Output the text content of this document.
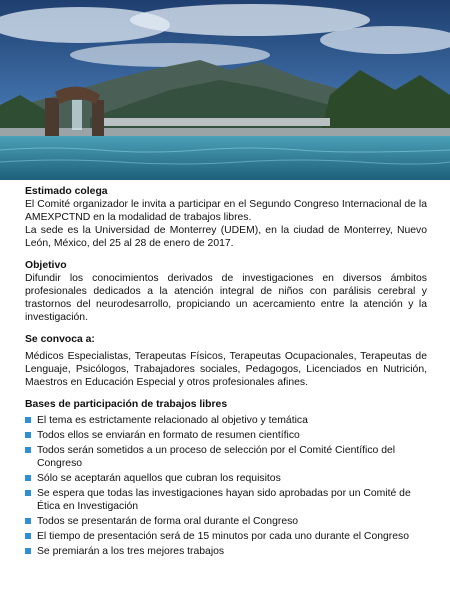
Estimado colega

El Comité organizador le invita a participar en el Segundo Congreso Internacional de la AMEXPCTND en la modalidad de trabajos libres.

La sede es la Universidad de Monterrey (UDEM), en la ciudad de Monterrey, Nuevo León, México, del 25 al 28 de enero de 2017.

Objetivo

Difundir los conocimientos derivados de investigaciones en diversos ámbitos profesionales dedicados a la atención integral de niños con parálisis cerebral y trastornos del neurodesarrollo, propiciando un acercamiento entre la atención y la investigación.

Se convoca a:

Médicos Especialistas, Terapeutas Físicos, Terapeutas Ocupacionales, Terapeutas de Lenguaje, Psicólogos, Trabajadores sociales, Pedagogos, Licenciados en Nutrición, Maestros en Educación Especial y otros profesionales afines.

Bases de participación de trabajos libres

El tema es estrictamente relacionado al objetivo y temática
Todos ellos se enviarán en formato de resumen científico
Todos serán sometidos a un proceso de selección por el Comité Científico del Congreso
Sólo se aceptarán aquellos que cubran los requisitos
Se espera que todas las investigaciones hayan sido aprobadas por un Comité de Ética en Investigación
Todos se presentarán de forma oral durante el Congreso
El tiempo de presentación será de 15 minutos por cada uno durante el Congreso
Se premiarán a los tres mejores trabajos
